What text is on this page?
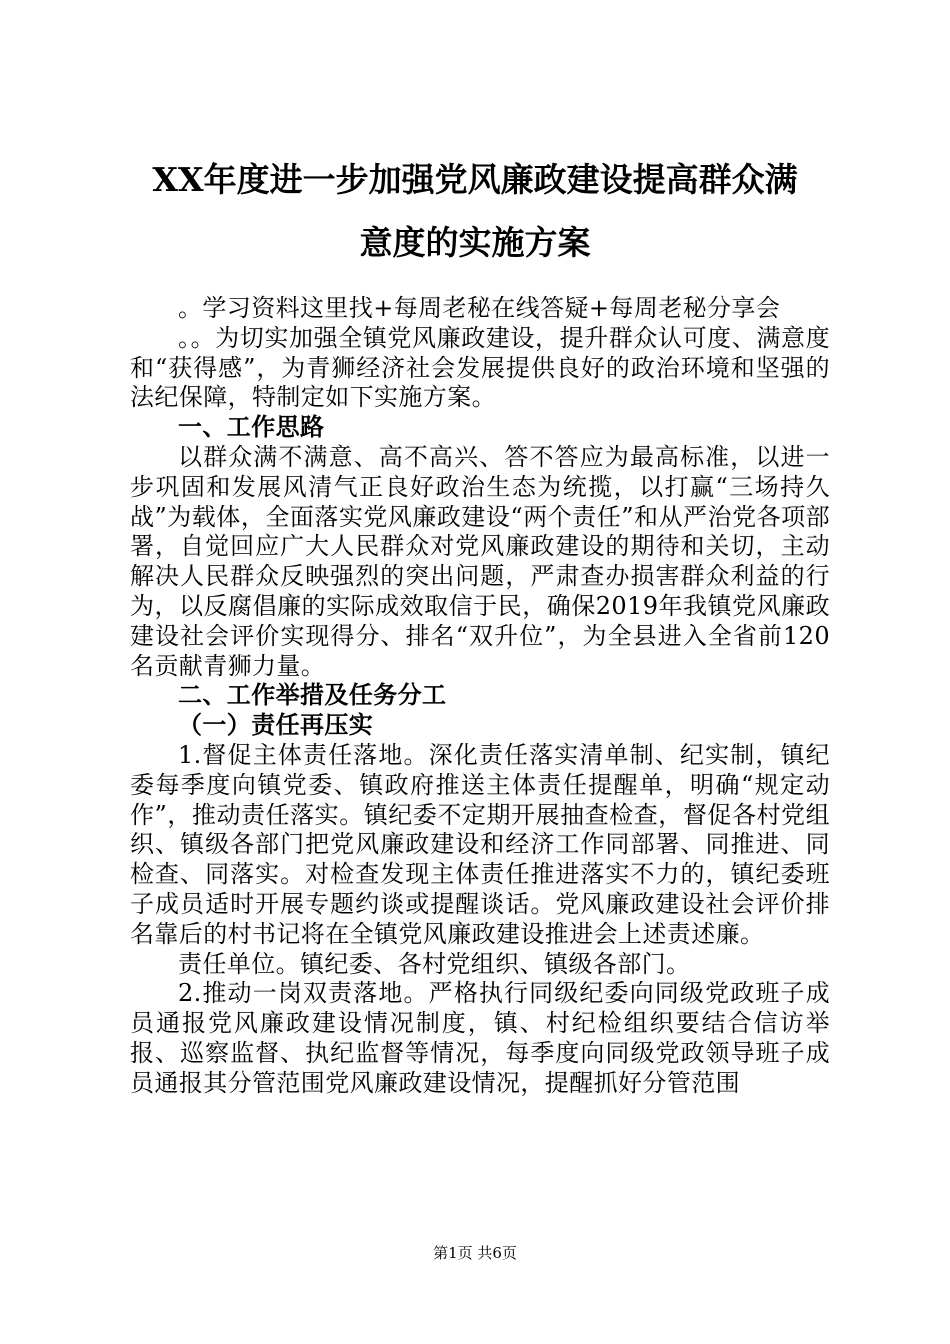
XX年度进一步加强党风廉政建设提高群众满
意度的实施方案

。学习资料这里找+每周老秘在线答疑+每周老秘分享会

。。为切实加强全镇党风廉政建设，提升群众认可度、满意度和“获得感”，为青狮经济社会发展提供良好的政治环境和坚强的法纪保障，特制定如下实施方案。

一、工作思路

以群众满不满意、高不高兴、答不答应为最高标准，以进一步巩固和发展风清气正良好政治生态为统揽，以打赢“三场持久战”为载体，全面落实党风廉政建设“两个责任”和从严治党各项部署，自觉回应广大人民群众对党风廉政建设的期待和关切，主动解决人民群众反映强烈的突出问题，严肃查办损害群众利益的行为，以反腐倡廉的实际成效取信于民，确保2019年我镇党风廉政建设社会评价实现得分、排名“双升位”，为全县进入全省前120名贡献青狮力量。

二、工作举措及任务分工

（一）责任再压实

1.督促主体责任落地。深化责任落实清单制、纪实制，镇纪委每季度向镇党委、镇政府推送主体责任提醒单，明确“规定动作”，推动责任落实。镇纪委不定期开展抽查检查，督促各村党组织、镇级各部门把党风廉政建设和经济工作同部署、同推进、同检查、同落实。对检查发现主体责任推进落实不力的，镇纪委班子成员适时开展专题约谈或提醒谈话。党风廉政建设社会评价排名靠后的村书记将在全镇党风廉政建设推进会上述责述廉。

责任单位。镇纪委、各村党组织、镇级各部门。

2.推动一岗双责落地。严格执行同级纪委向同级党政班子成员通报党风廉政建设情况制度，镇、村纪检组织要结合信访举报、巡察监督、执纪监督等情况，每季度向同级党政领导班子成员通报其分管范围党风廉政建设情况，提醒抓好分管范围

第1页 共6页
